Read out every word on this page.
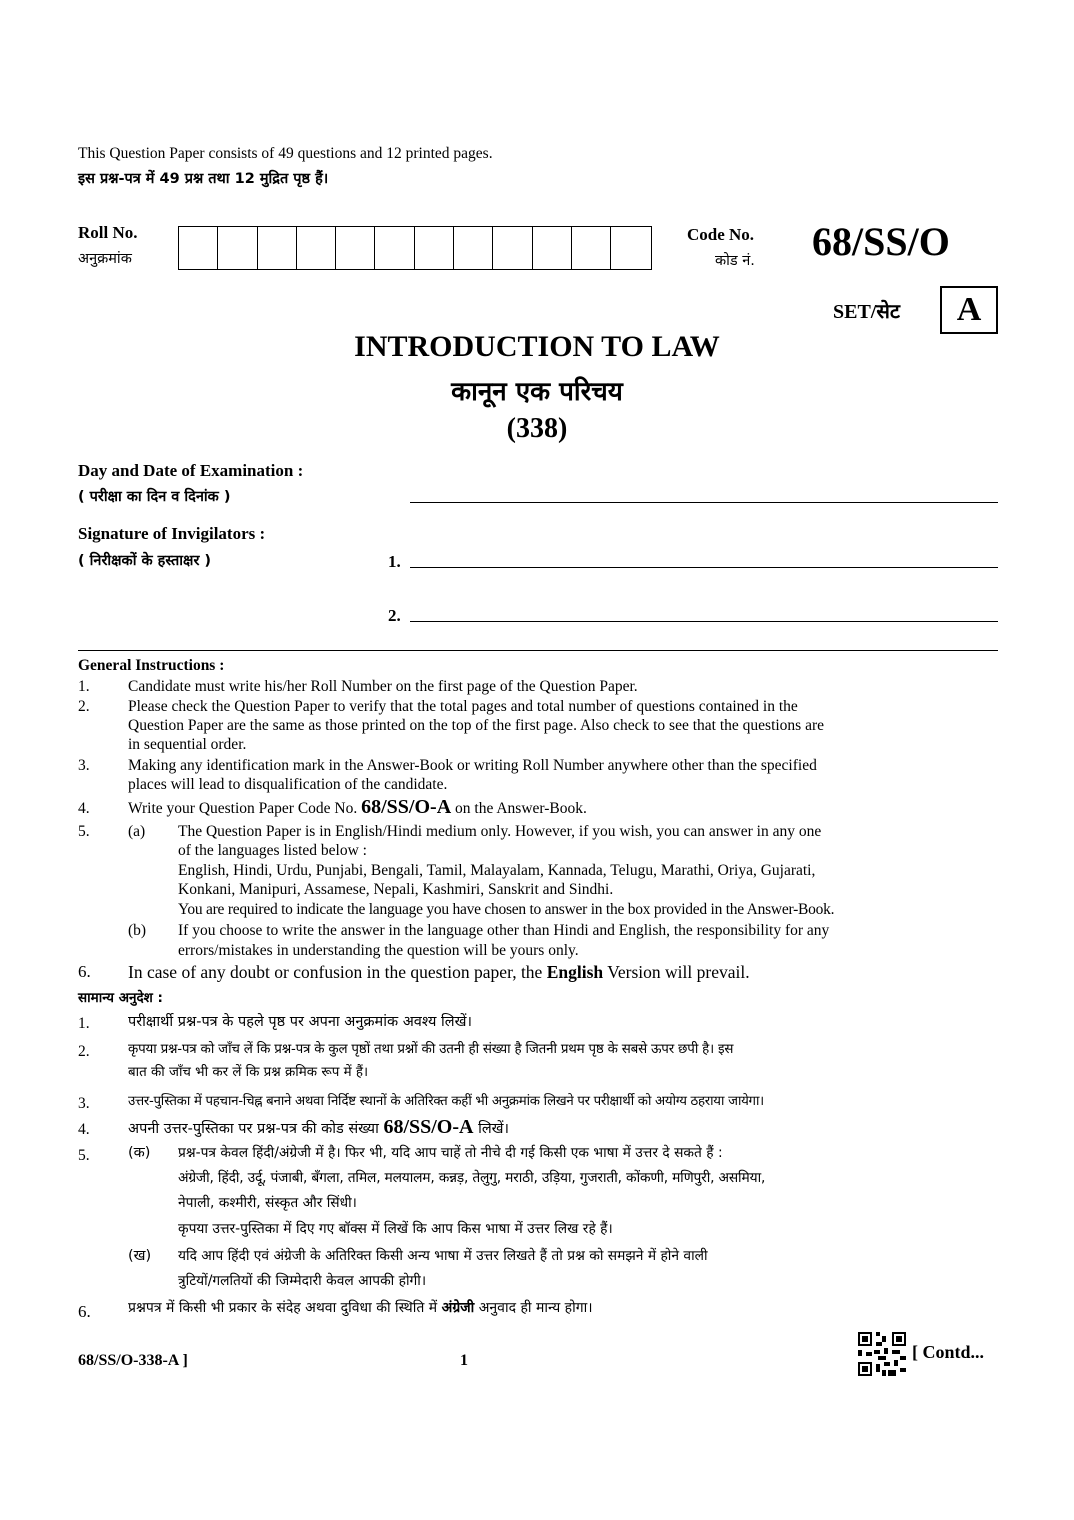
This Question Paper consists of 49 questions and 12 printed pages.
इस प्रश्न-पत्र में 49 प्रश्न तथा 12 मुद्रित पृष्ठ हैं।
Roll No.
अनुक्रमांक
Code No.
कोड नं. 68/SS/O
SET/सेट	A
INTRODUCTION TO LAW
कानून एक परिचय
(338)
Day and Date of Examination :
( परीक्षा का दिन व दिनांक )
Signature of Invigilators :
( निरीक्षकों के हस्ताक्षर )	1.
2.
General Instructions :
1. Candidate must write his/her Roll Number on the first page of the Question Paper.
2. Please check the Question Paper to verify that the total pages and total number of questions contained in the
Question Paper are the same as those printed on the top of the first page. Also check to see that the questions are
in sequential order.
3. Making any identification mark in the Answer-Book or writing Roll Number anywhere other than the specified
places will lead to disqualification of the candidate.
4. Write your Question Paper Code No. 68/SS/O-A on the Answer-Book.
5. (a) The Question Paper is in English/Hindi medium only. However, if you wish, you can answer in any one
of the languages listed below :
English, Hindi, Urdu, Punjabi, Bengali, Tamil, Malayalam, Kannada, Telugu, Marathi, Oriya, Gujarati,
Konkani, Manipuri, Assamese, Nepali, Kashmiri, Sanskrit and Sindhi.
You are required to indicate the language you have chosen to answer in the box provided in the Answer-Book.
(b) If you choose to write the answer in the language other than Hindi and English, the responsibility for any
errors/mistakes in understanding the question will be yours only.
6. In case of any doubt or confusion in the question paper, the English Version will prevail.
सामान्य अनुदेश :
1.	परीक्षार्थी प्रश्न-पत्र के पहले पृष्ठ पर अपना अनुक्रमांक अवश्य लिखें।
2.	कृपया प्रश्न-पत्र को जाँच लें कि प्रश्न-पत्र के कुल पृष्ठों तथा प्रश्नों की उतनी ही संख्या है जितनी प्रथम पृष्ठ के सबसे ऊपर छपी है। इस
बात की जाँच भी कर लें कि प्रश्न क्रमिक रूप में हैं।
3.	उत्तर-पुस्तिका में पहचान-चिह्न बनाने अथवा निर्दिष्ट स्थानों के अतिरिक्त कहीं भी अनुक्रमांक लिखने पर परीक्षार्थी को अयोग्य ठहराया जायेगा।
4.	अपनी उत्तर-पुस्तिका पर प्रश्न-पत्र की कोड संख्या 68/SS/O-A लिखें।
5.	(क) प्रश्न-पत्र केवल हिंदी/अंग्रेजी में है। फिर भी, यदि आप चाहें तो नीचे दी गई किसी एक भाषा में उत्तर दे सकते हैं :
अंग्रेजी, हिंदी, उर्दू, पंजाबी, बँगला, तमिल, मलयालम, कन्नड़, तेलुगु, मराठी, उड़िया, गुजराती, कोंकणी, मणिपुरी, असमिया,
नेपाली, कश्मीरी, संस्कृत और सिंधी।
कृपया उत्तर-पुस्तिका में दिए गए बॉक्स में लिखें कि आप किस भाषा में उत्तर लिख रहे हैं।
(ख) यदि आप हिंदी एवं अंग्रेजी के अतिरिक्त किसी अन्य भाषा में उत्तर लिखते हैं तो प्रश्न को समझने में होने वाली
त्रुटियों/गलतियों की जिम्मेदारी केवल आपकी होगी।
6.	प्रश्नपत्र में किसी भी प्रकार के संदेह अथवा दुविधा की स्थिति में अंग्रेजी अनुवाद ही मान्य होगा।
68/SS/O-338-A ]	1	[ Contd...
